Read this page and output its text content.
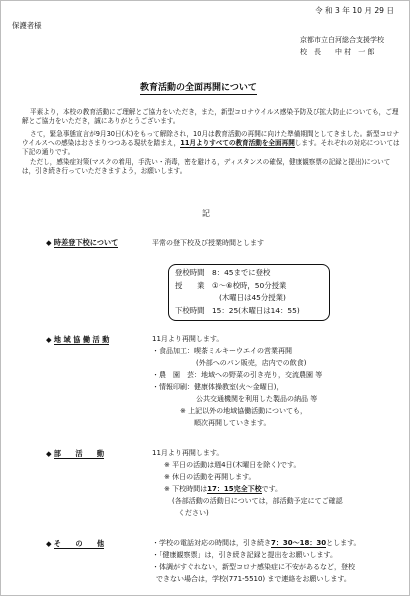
令 和 3 年 10 月 29 日
保護者様
京都市立白河総合支援学校
校　長　　中 村　一 郎
教育活動の全面再開について
平素より，本校の教育活動にご理解とご協力をいただき，また，新型コロナウイルス感染予防及び拡大防止についても，ご理解とご協力をいただき，誠にありがとうございます。
さて，緊急事態宣言が9月30日(木)をもって解除され，10月は教育活動の再開に向けた準備期間としてきました。新型コロナウイルスへの感染はおさまりつつある現状を踏まえ，11月よりすべての教育活動を全面再開します。それぞれの対応については下記の通りです。
ただし，感染症対策(マスクの着用，手洗い・消毒，密を避ける，ディスタンスの確保，健康観察票の記録と提出)については，引き続き行っていただきますよう，お願いします。
記
◆ 時差登下校について	平常の登下校及び授業時間とします
登校時間　 8：45までに登校
授　　業　 ①～⑥校時，50分授業
(木曜日は45分授業)
下校時間　 15：25(木曜日は14：55)
◆ 地 域 協 働 活 動	11月より再開します。
・食品加工：喫茶ミルキーウエイの営業再開
(外部へのパン販売，店内での飲食)
・農　園　芸：地域への野菜の引き売り，交流農園 等
・情報印刷：健康体操教室(火～金曜日)，
公共交通機関を利用した製品の納品 等
※ 上記以外の地域協働活動についても，
順次再開していきます。
◆ 部　　活　　動	11月より再開します。
※ 平日の活動は週4日(木曜日を除く)です。
※ 休日の活動を再開します。
※ 下校時間は17：15完全下校です。
(各部活動の活動日については，部活動予定にてご確認
ください)
◆ そ　　の　　他	・学校の電話対応の時間は，引き続き7：30～18：30とします。
・「健康観察票」は，引き続き記録と提出をお願いします。
・体調がすぐれない，新型コロナ感染症に不安があるなど，登校
できない場合は，学校(771-5510) まで連絡をお願いします。
